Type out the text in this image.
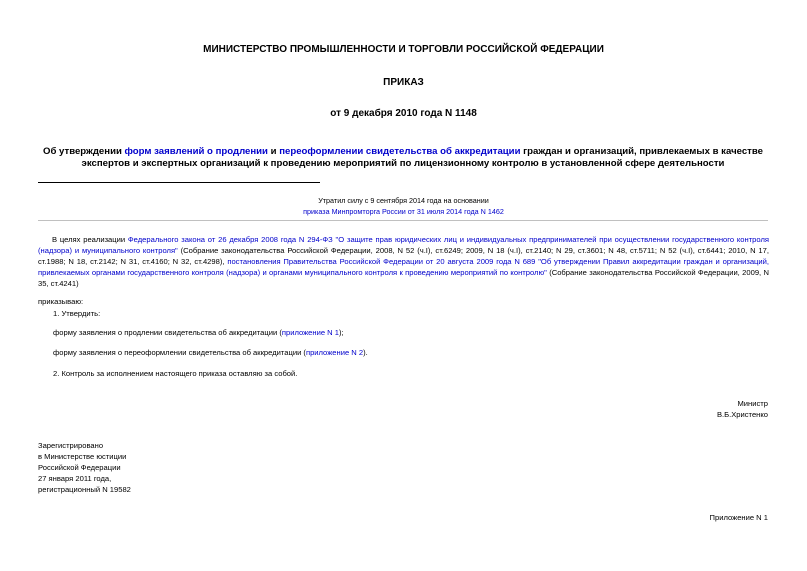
МИНИСТЕРСТВО ПРОМЫШЛЕННОСТИ И ТОРГОВЛИ РОССИЙСКОЙ ФЕДЕРАЦИИ
ПРИКАЗ
от 9 декабря 2010 года N 1148
Об утверждении форм заявлений о продлении и переоформлении свидетельства об аккредитации граждан и организаций, привлекаемых в качестве экспертов и экспертных организаций к проведению мероприятий по лицензионному контролю в установленной сфере деятельности
Утратил силу с 9 сентября 2014 года на основании
приказа Минпромторга России от 31 июля 2014 года N 1462
В целях реализации Федерального закона от 26 декабря 2008 года N 294-ФЗ "О защите прав юридических лиц и индивидуальных предпринимателей при осуществлении государственного контроля (надзора) и муниципального контроля" (Собрание законодательства Российской Федерации, 2008, N 52 (ч.I), ст.6249; 2009, N 18 (ч.I), ст.2140; N 29, ст.3601; N 48, ст.5711; N 52 (ч.I), ст.6441; 2010, N 17, ст.1988; N 18, ст.2142; N 31, ст.4160; N 32, ст.4298), постановления Правительства Российской Федерации от 20 августа 2009 года N 689 "Об утверждении Правил аккредитации граждан и организаций, привлекаемых органами государственного контроля (надзора) и органами муниципального контроля к проведению мероприятий по контролю" (Собрание законодательства Российской Федерации, 2009, N 35, ст.4241)
приказываю:
1. Утвердить:
форму заявления о продлении свидетельства об аккредитации (приложение N 1);
форму заявления о переоформлении свидетельства об аккредитации (приложение N 2).
2. Контроль за исполнением настоящего приказа оставляю за собой.
Министр
В.Б.Христенко

Зарегистрировано

в Министерстве юстиции

Российской Федерации

27 января 2011 года,

регистрационный N 19582

Приложение N 1
